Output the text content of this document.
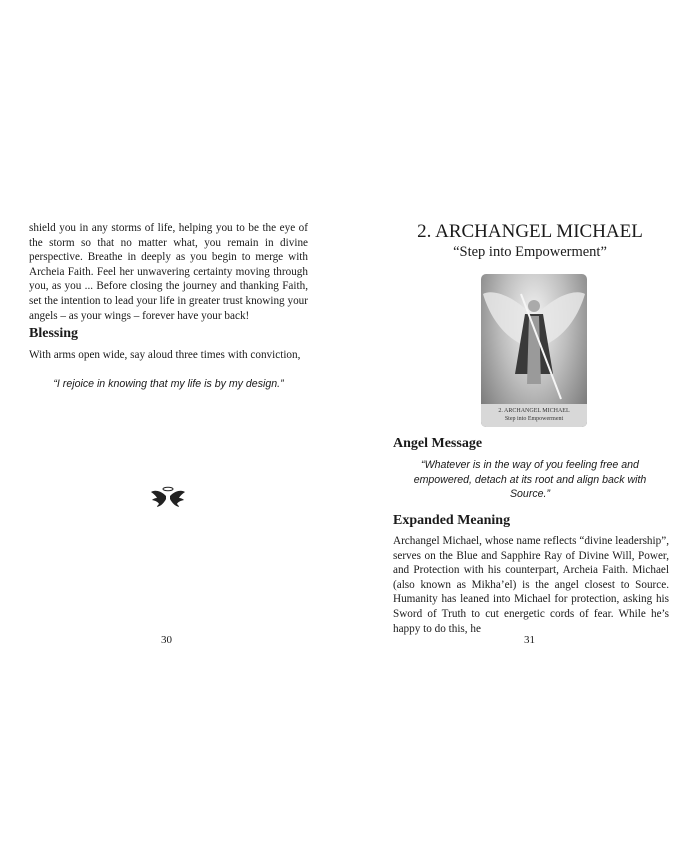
shield you in any storms of life, helping you to be the eye of the storm so that no matter what, you remain in divine perspective. Breathe in deeply as you begin to merge with Archeia Faith. Feel her unwavering certainty moving through you, as you ... Before closing the journey and thanking Faith, set the intention to lead your life in greater trust knowing your angels – as your wings – forever have your back!

Blessing
With arms open wide, say aloud three times with conviction,
“I rejoice in knowing that my life is by my design.”
30
2. ARCHANGEL MICHAEL
“Step into Empowerment”
2. ARCHANGEL MICHAEL
Step into Empowerment
Angel Message
“Whatever is in the way of you feeling free and empowered, detach at its root and align back with Source.”
Expanded Meaning
Archangel Michael, whose name reflects “divine leadership”, serves on the Blue and Sapphire Ray of Divine Will, Power, and Protection with his counterpart, Archeia Faith. Michael (also known as Mikha’el) is the angel closest to Source. Humanity has leaned into Michael for protection, asking his Sword of Truth to cut energetic cords of fear. While he’s happy to do this, he
31
